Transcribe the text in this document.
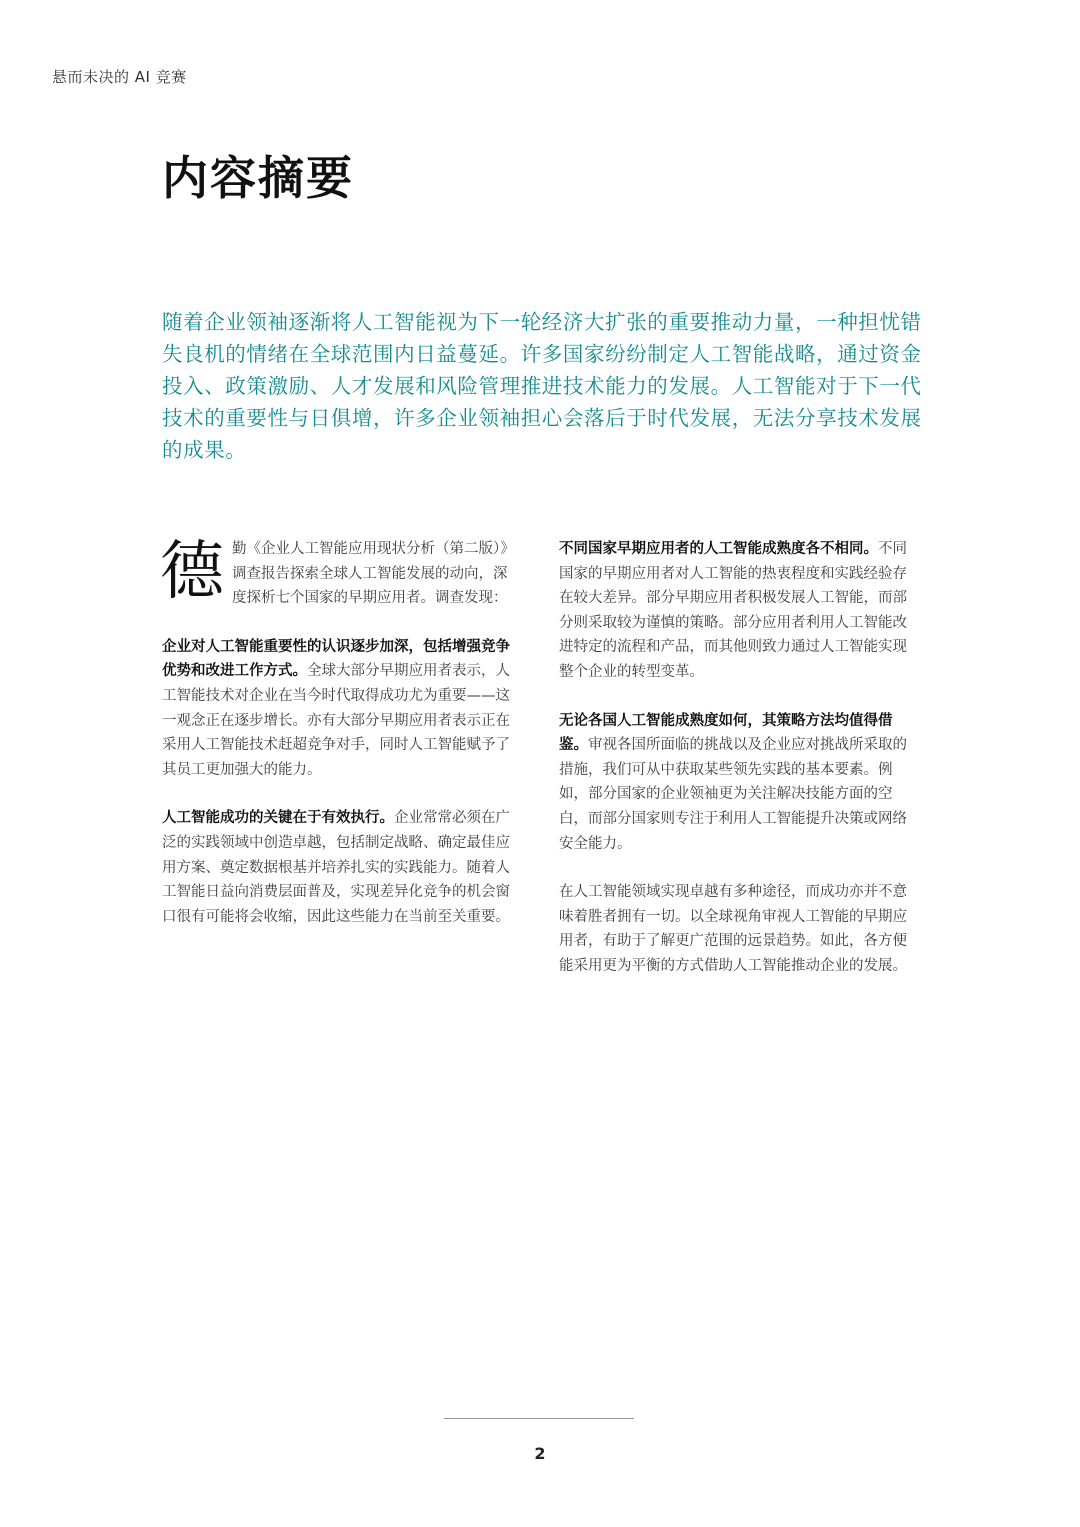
悬而未决的 AI 竞赛
内容摘要

随着企业领袖逐渐将人工智能视为下一轮经济大扩张的重要推动力量，一种担忧错失良机的情绪在全球范围内日益蔓延。许多国家纷纷制定人工智能战略，通过资金投入、政策激励、人才发展和风险管理推进技术能力的发展。人工智能对于下一代技术的重要性与日俱增，许多企业领袖担心会落后于时代发展，无法分享技术发展的成果。

德勤《企业人工智能应用现状分析（第二版）》调查报告探索全球人工智能发展的动向，深度探析七个国家的早期应用者。调查发现：

企业对人工智能重要性的认识逐步加深，包括增强竞争优势和改进工作方式。全球大部分早期应用者表示，人工智能技术对企业在当今时代取得成功尤为重要——这一观念正在逐步增长。亦有大部分早期应用者表示正在采用人工智能技术赶超竞争对手，同时人工智能赋予了其员工更加强大的能力。

人工智能成功的关键在于有效执行。企业常常必须在广泛的实践领域中创造卓越，包括制定战略、确定最佳应用方案、奠定数据根基并培养扎实的实践能力。随着人工智能日益向消费层面普及，实现差异化竞争的机会窗口很有可能将会收缩，因此这些能力在当前至关重要。

不同国家早期应用者的人工智能成熟度各不相同。不同国家的早期应用者对人工智能的热衷程度和实践经验存在较大差异。部分早期应用者积极发展人工智能，而部分则采取较为谨慎的策略。部分应用者利用人工智能改进特定的流程和产品，而其他则致力通过人工智能实现整个企业的转型变革。

无论各国人工智能成熟度如何，其策略方法均值得借鉴。审视各国所面临的挑战以及企业应对挑战所采取的措施，我们可从中获取某些领先实践的基本要素。例如，部分国家的企业领袖更为关注解决技能方面的空白，而部分国家则专注于利用人工智能提升决策或网络安全能力。

在人工智能领域实现卓越有多种途径，而成功亦并不意味着胜者拥有一切。以全球视角审视人工智能的早期应用者，有助于了解更广范围的远景趋势。如此，各方便能采用更为平衡的方式借助人工智能推动企业的发展。

2
